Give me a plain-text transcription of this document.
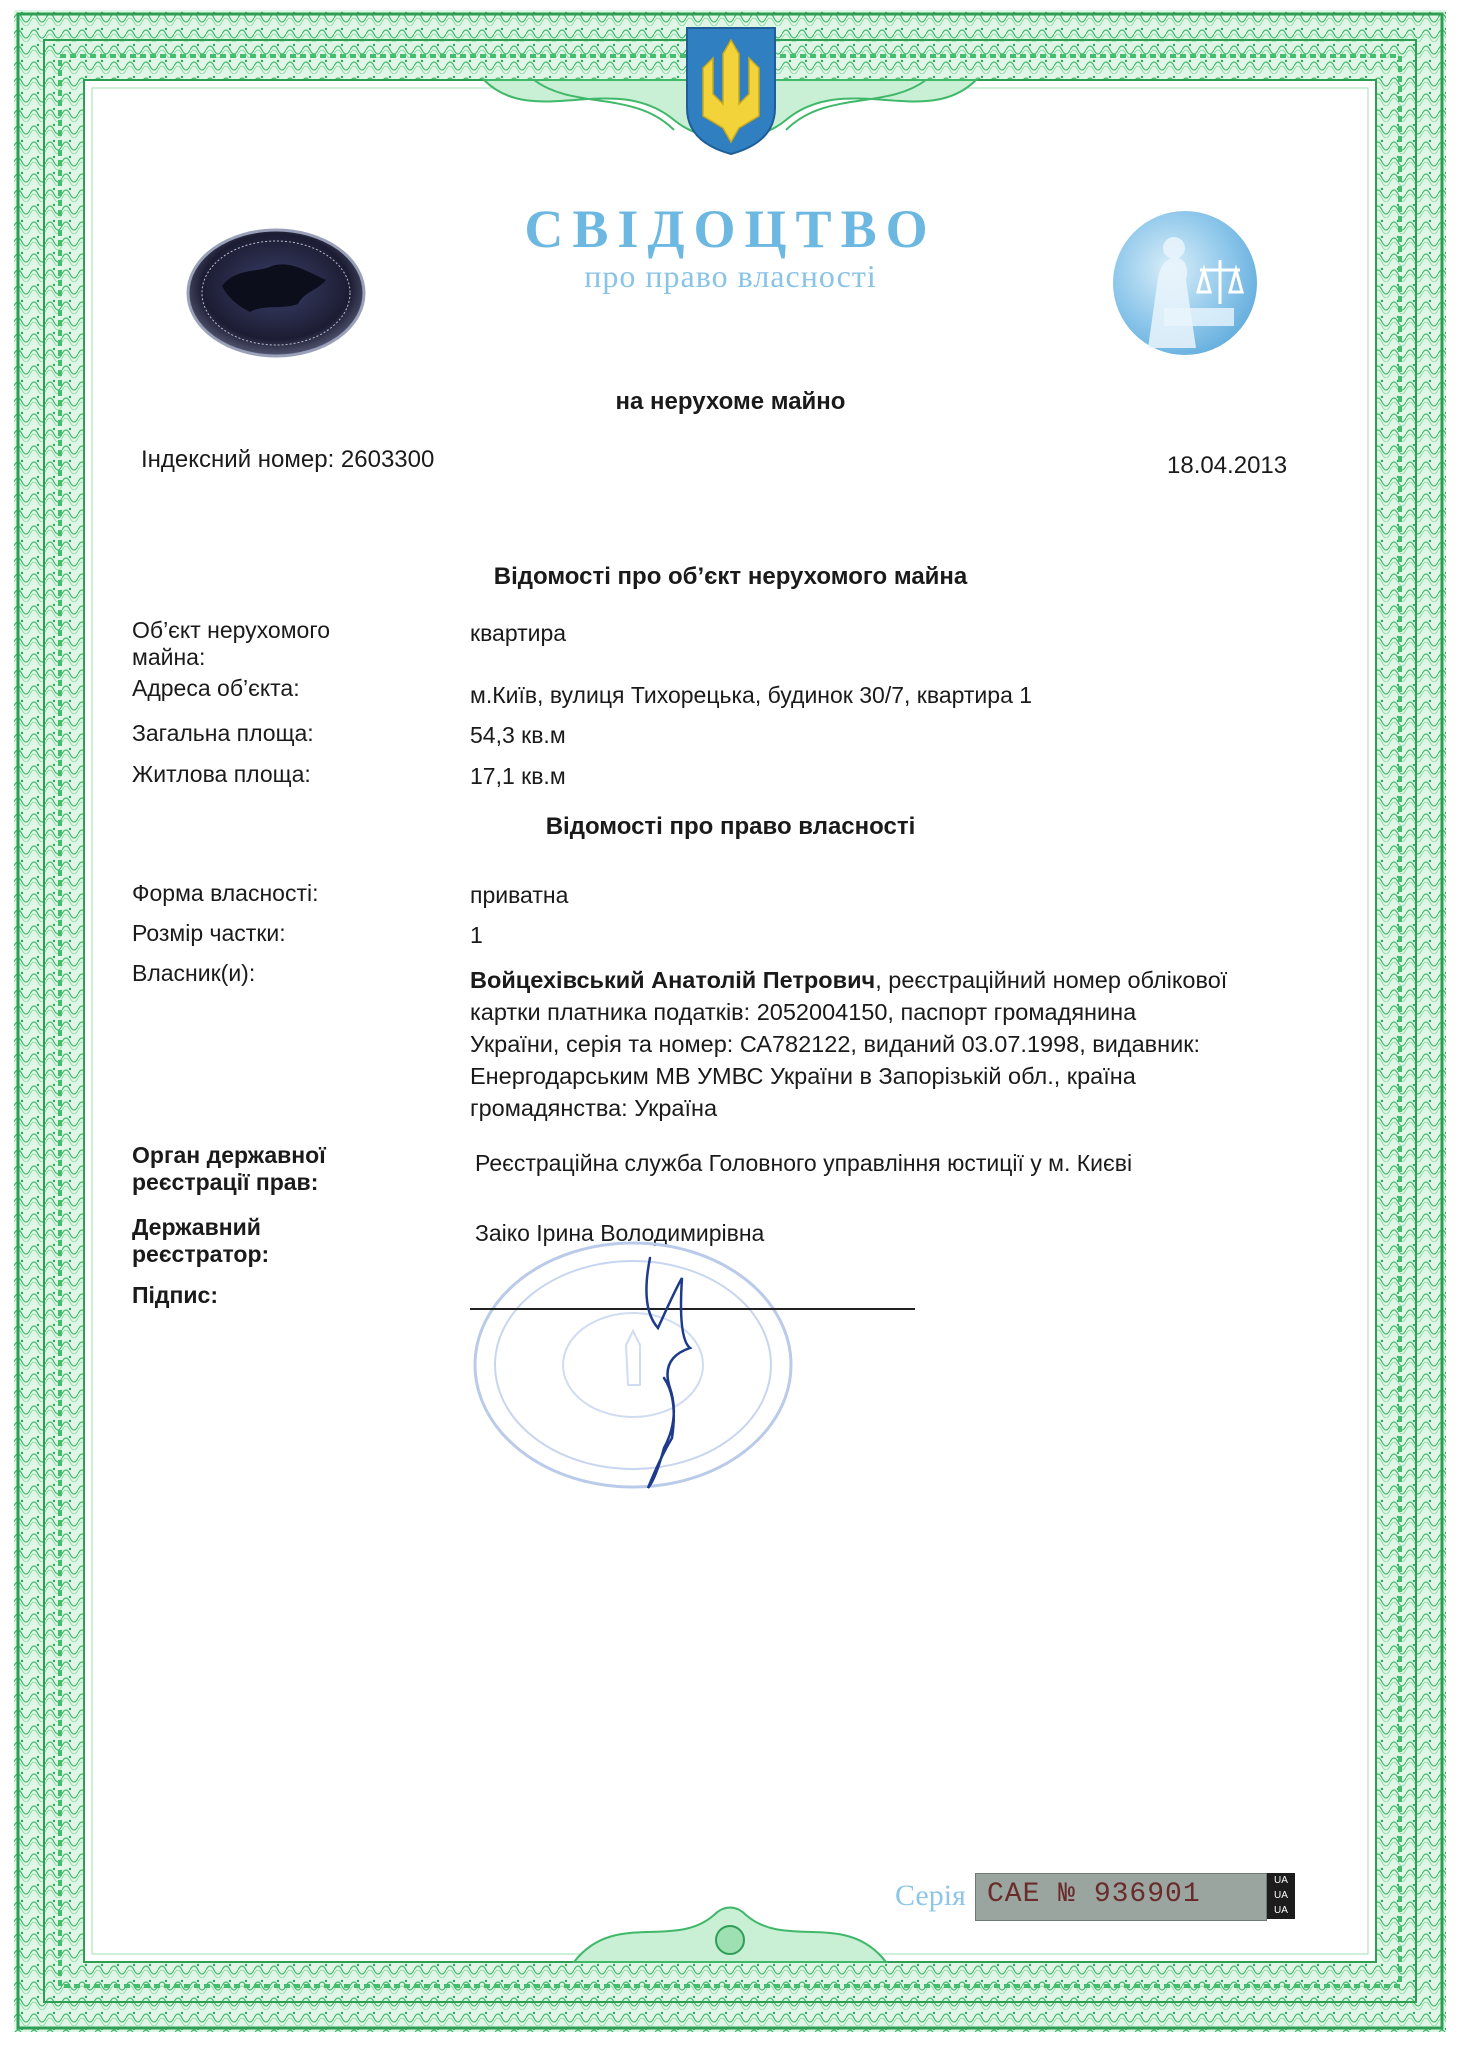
СВІДОЦТВО
про право власності
на нерухоме майно
Індексний номер: 2603300	18.04.2013
Відомості про об’єкт нерухомого майна
Об’єкт нерухомого майна:
квартира
Адреса об’єкта:	м.Київ, вулиця Тихорецька, будинок 30/7, квартира 1
Загальна площа:	54,3 кв.м
Житлова площа:	17,1 кв.м
Відомості про право власності
Форма власності:	приватна
Розмір частки:	1
Власник(и):	Войцехівський Анатолій Петрович, реєстраційний номер облікової картки платника податків: 2052004150, паспорт громадянина України, серія та номер: СА782122, виданий 03.07.1998, видавник: Енергодарським МВ УМВС України в Запорізькій обл., країна громадянства: Україна
Орган державної реєстрації прав:
Реєстраційна служба Головного управління юстиції у м. Києві
Державний реєстратор:
Заіко Ірина Володимирівна
Підпис:
Серія САЕ № 936901	UA UA UA
